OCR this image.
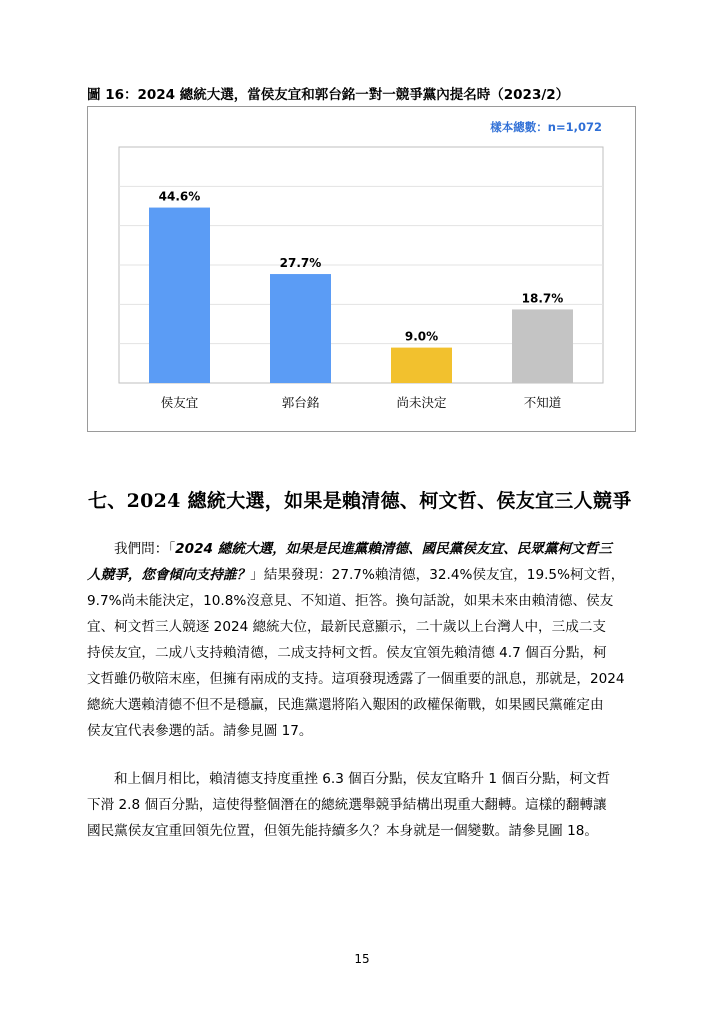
圖 16：2024 總統大選，當侯友宜和郭台銘一對一競爭黨內提名時（2023/2）
樣本總數：n=1,072
44.6%
侯友宜
27.7%
郭台銘
9.0%
尚未決定
18.7%
不知道
七、2024 總統大選，如果是賴清德、柯文哲、侯友宜三人競爭

我們問：「2024 總統大選，如果是民進黨賴清德、國民黨侯友宜、民眾黨柯文哲三
人競爭，您會傾向支持誰？」結果發現：27.7%賴清德，32.4%侯友宜，19.5%柯文哲，
9.7%尚未能決定，10.8%沒意見、不知道、拒答。換句話說，如果未來由賴清德、侯友
宜、柯文哲三人競逐 2024 總統大位，最新民意顯示，二十歲以上台灣人中，三成二支
持侯友宜，二成八支持賴清德，二成支持柯文哲。侯友宜領先賴清德 4.7 個百分點，柯
文哲雖仍敬陪末座，但擁有兩成的支持。這項發現透露了一個重要的訊息，那就是，2024
總統大選賴清德不但不是穩贏，民進黨還將陷入艱困的政權保衛戰，如果國民黨確定由
侯友宜代表參選的話。請參見圖 17。

和上個月相比，賴清德支持度重挫 6.3 個百分點，侯友宜略升 1 個百分點，柯文哲
下滑 2.8 個百分點，這使得整個潛在的總統選舉競爭結構出現重大翻轉。這樣的翻轉讓
國民黨侯友宜重回領先位置，但領先能持續多久？本身就是一個變數。請參見圖 18。

15
